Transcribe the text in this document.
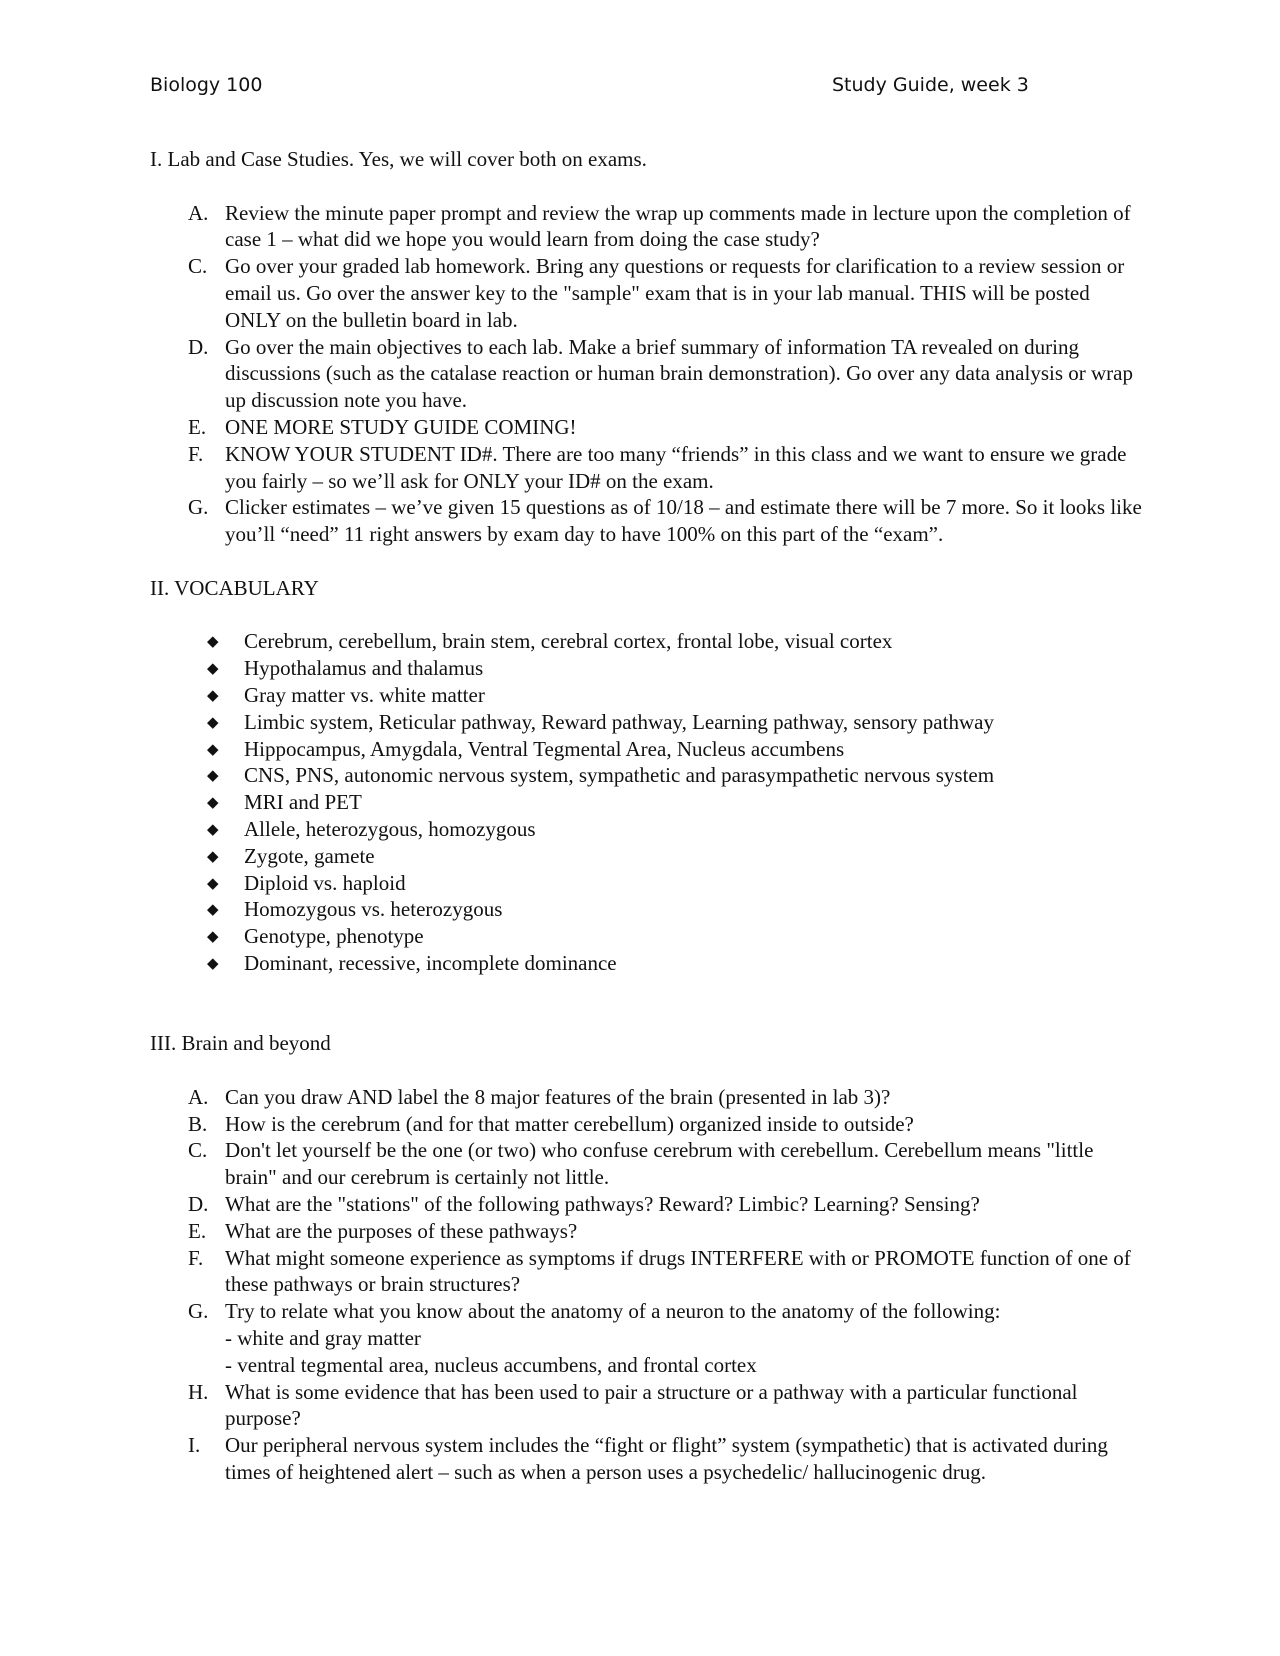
Biology 100	Study Guide, week 3

I. Lab and Case Studies. Yes, we will cover both on exams.

A. Review the minute paper prompt and review the wrap up comments made in lecture upon the completion of case 1 – what did we hope you would learn from doing the case study?
C. Go over your graded lab homework. Bring any questions or requests for clarification to a review session or email us. Go over the answer key to the "sample" exam that is in your lab manual. THIS will be posted ONLY on the bulletin board in lab.
D. Go over the main objectives to each lab. Make a brief summary of information TA revealed on during discussions (such as the catalase reaction or human brain demonstration). Go over any data analysis or wrap up discussion note you have.
E. ONE MORE STUDY GUIDE COMING!
F. KNOW YOUR STUDENT ID#. There are too many “friends” in this class and we want to ensure we grade you fairly – so we’ll ask for ONLY your ID# on the exam.
G. Clicker estimates – we’ve given 15 questions as of 10/18 – and estimate there will be 7 more. So it looks like you’ll “need” 11 right answers by exam day to have 100% on this part of the “exam”.

II. VOCABULARY

◆ Cerebrum, cerebellum, brain stem, cerebral cortex, frontal lobe, visual cortex
◆ Hypothalamus and thalamus
◆ Gray matter vs. white matter
◆ Limbic system, Reticular pathway, Reward pathway, Learning pathway, sensory pathway
◆ Hippocampus, Amygdala, Ventral Tegmental Area, Nucleus accumbens
◆ CNS, PNS, autonomic nervous system, sympathetic and parasympathetic nervous system
◆ MRI and PET
◆ Allele, heterozygous, homozygous
◆ Zygote, gamete
◆ Diploid vs. haploid
◆ Homozygous vs. heterozygous
◆ Genotype, phenotype
◆ Dominant, recessive, incomplete dominance

III. Brain and beyond

A. Can you draw AND label the 8 major features of the brain (presented in lab 3)?
B. How is the cerebrum (and for that matter cerebellum) organized inside to outside?
C. Don't let yourself be the one (or two) who confuse cerebrum with cerebellum. Cerebellum means "little brain" and our cerebrum is certainly not little.
D. What are the "stations" of the following pathways? Reward? Limbic? Learning? Sensing?
E. What are the purposes of these pathways?
F. What might someone experience as symptoms if drugs INTERFERE with or PROMOTE function of one of these pathways or brain structures?
G. Try to relate what you know about the anatomy of a neuron to the anatomy of the following:
- white and gray matter
- ventral tegmental area, nucleus accumbens, and frontal cortex
H. What is some evidence that has been used to pair a structure or a pathway with a particular functional purpose?
I. Our peripheral nervous system includes the “fight or flight” system (sympathetic) that is activated during times of heightened alert – such as when a person uses a psychedelic/ hallucinogenic drug.
